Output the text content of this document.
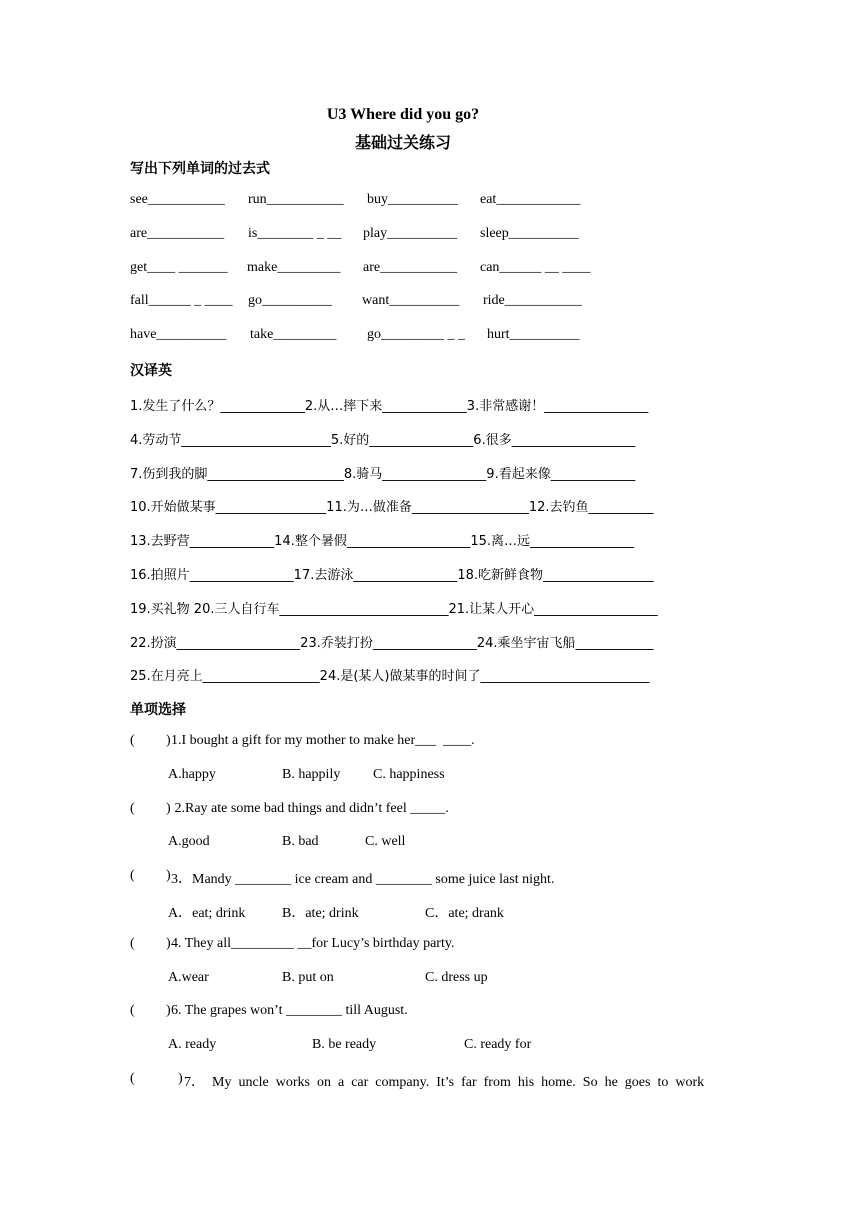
U3 Where did you go?
基础过关练习
写出下列单词的过去式
see___________ run___________ buy__________ eat____________
are___________ is________ _ __ play__________ sleep__________
get____ _______ make_________ are___________ can______ __ ____
fall______ _ ____ go__________ want__________ ride___________
have__________ take_________ go_________ _ _ hurt__________
汉译英
1.发生了什么？_____________2.从…摔下来_____________3.非常感谢！________________
4.劳动节_______________________5.好的________________6.很多___________________
7.伤到我的脚_____________________8.骑马________________9.看起来像_____________
10.开始做某事_________________11.为…做准备__________________12.去钓鱼__________
13.去野营_____________14.整个暑假___________________15.离…远________________
16.拍照片________________17.去游泳________________18.吃新鲜食物_________________
19.买礼物 20.三人自行车__________________________21.让某人开心___________________
22.扮演___________________23.乔装打扮________________24.乘坐宇宙飞船____________
25.在月亮上__________________24.是(某人)做某事的时间了__________________________
单项选择
( ) 1.I bought a gift for my mother to make her___  ____.
A.happy	B. happily C. happiness
( ) 2.Ray ate some bad things and didn’t feel _____.
A.good	B. bad	C. well
( ) 3．Mandy ________ ice cream and ________ some juice last night.
A．eat; drink	B．ate; drink	C．ate; drank
( ) 4. They all_________ __for Lucy’s birthday party.
A.wear	B. put on	C. dress up
( ) 6. The grapes won’t ________ till August.
A. ready	B. be ready	C. ready for
(	) 7．  My  uncle  works  on  a  car  company.  It’s  far  from  his  home.  So  he  goes  to  work
